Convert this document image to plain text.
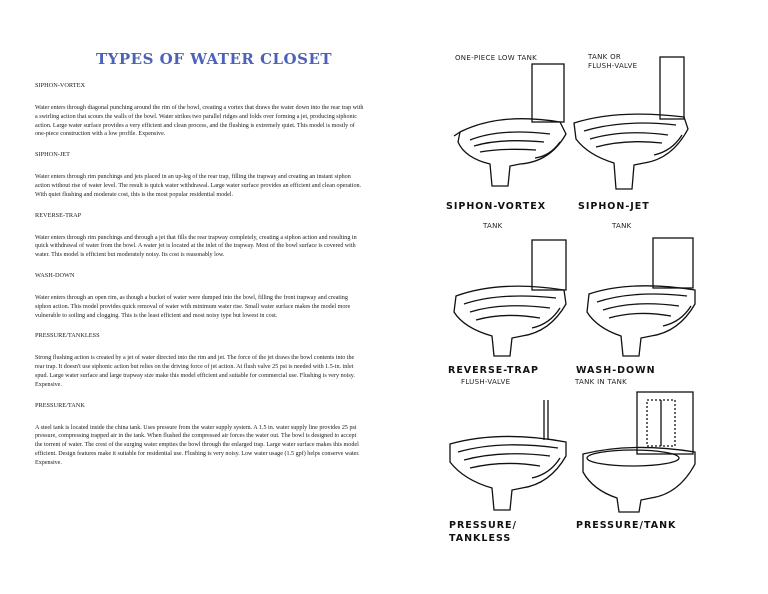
TYPES OF WATER CLOSET

SIPHON-VORTEX

Water enters through diagonal punching around the rim of the bowl, creating a vortex that draws the water down into the rear trap with a swirling action that scours the walls of the bowl. Water strikes two parallel ridges and folds over forming a jet, producing siphonic action. Large water surface provides a very efficient and clean process, and the flushing is extremely quiet. This model is mostly of one-piece construction with a low profile. Expensive.

SIPHON-JET

Water enters through rim punchings and jets placed in an up-leg of the rear trap, filling the trapway and creating an instant siphon action without rise of water level. The result is quick water withdrawal. Large water surface provides an efficient and clean operation. With quiet flushing and moderate cost, this is the most popular residential model.

REVERSE-TRAP

Water enters through rim punchings and through a jet that fills the rear trapway completely, creating a siphon action and resulting in quick withdrawal of water from the bowl. A water jet is located at the inlet of the trapway. Most of the bowl surface is covered with water. This model is efficient but moderately noisy. Its cost is reasonably low.

WASH-DOWN

Water enters through an open rim, as though a bucket of water were dumped into the bowl, filling the front trapway and creating siphon action. This model provides quick removal of water with minimum water rise. Small water surface makes the model more vulnerable to soiling and clogging. This is the least efficient and most noisy type but lowest in cost.

PRESSURE/TANKLESS

Strong flushing action is created by a jet of water directed into the rim and jet. The force of the jet draws the bowl contents into the rear trap. It doesn't use siphonic action but relies on the driving force of jet action. At flush valve 25 psi is needed with 1.5-in. inlet spud. Large water surface and large trapway size make this model efficient and suitable for commercial use. Flushing is very noisy. Expensive.

PRESSURE/TANK

A steel tank is located inside the china tank. Uses pressure from the water supply system. A 1.5 in. water supply line provides 25 psi pressure, compressing trapped air in the tank. When flushed the compressed air forces the water out. The bowl is designed to accept the torrent of water. The crest of the surging water empties the bowl through the enlarged trap. Large water surface makes this model efficient. Design features make it suitable for residential use. Flushing is very noisy. Low water usage (1.5 gpf) helps conserve water. Expensive.

ONE-PIECE LOW TANK
SIPHON-VORTEX
TANK OR
FLUSH-VALVE
SIPHON-JET
TANK
REVERSE-TRAP
TANK
WASH-DOWN
FLUSH-VALVE
PRESSURE/
TANKLESS
TANK IN TANK
PRESSURE/TANK
